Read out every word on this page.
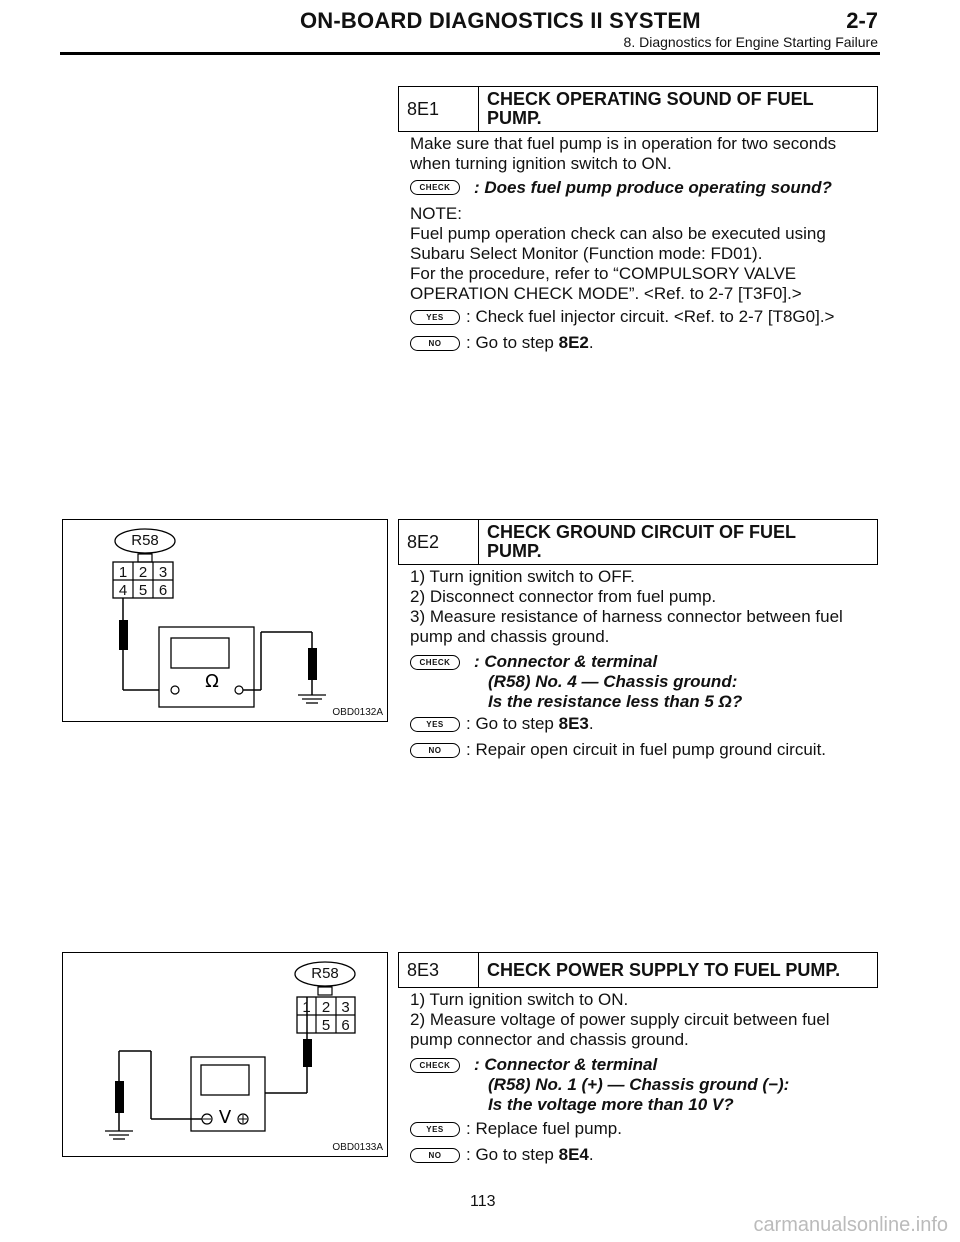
ON-BOARD DIAGNOSTICS II SYSTEM	2-7
8. Diagnostics for Engine Starting Failure
8E1	CHECK OPERATING SOUND OF FUEL
PUMP.
Make sure that fuel pump is in operation for two seconds
when turning ignition switch to ON.
CHECK	: Does fuel pump produce operating sound?
NOTE:
Fuel pump operation check can also be executed using
Subaru Select Monitor (Function mode: FD01).
For the procedure, refer to “COMPULSORY VALVE
OPERATION CHECK MODE”. <Ref. to 2-7 [T3F0].>
YES	: Check fuel injector circuit. <Ref. to 2-7 [T8G0].>
NO	: Go to step 8E2.
Ω
R58
1 2 3
4 5 6
OBD0132A
8E2	CHECK GROUND CIRCUIT OF FUEL
PUMP.
1) Turn ignition switch to OFF.
2) Disconnect connector from fuel pump.
3) Measure resistance of harness connector between fuel
pump and chassis ground.
CHECK	: Connector & terminal
(R58) No. 4 — Chassis ground:
Is the resistance less than 5 Ω?
YES	: Go to step 8E3.
NO	: Repair open circuit in fuel pump ground circuit.
V
R58
1 2 3
5 6
OBD0133A
8E3	CHECK POWER SUPPLY TO FUEL PUMP.
1) Turn ignition switch to ON.
2) Measure voltage of power supply circuit between fuel
pump connector and chassis ground.
CHECK	: Connector & terminal
(R58) No. 1 (+) — Chassis ground (−):
Is the voltage more than 10 V?
YES	: Replace fuel pump.
NO	: Go to step 8E4.
113
carmanualsonline.info
